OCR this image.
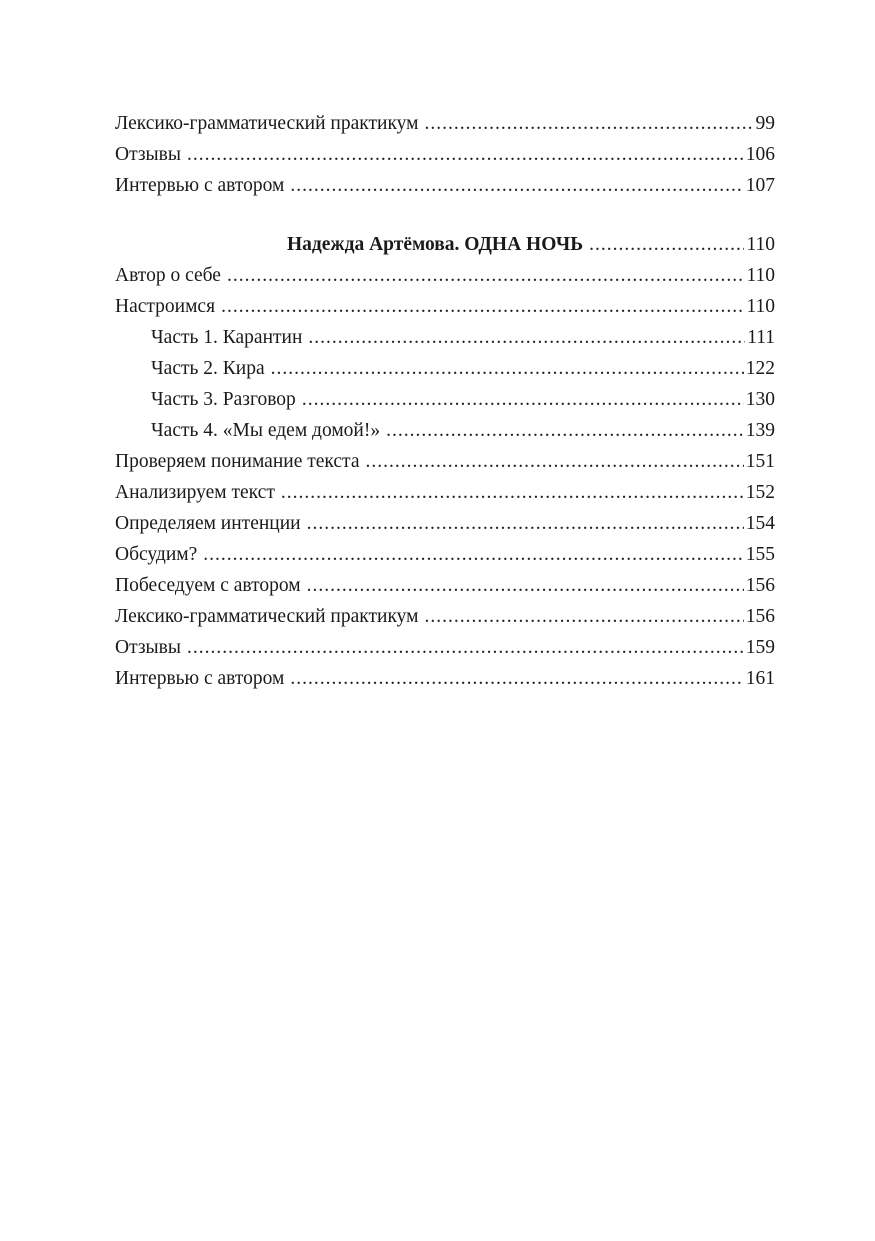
Лексико-грамматический практикум .....	99
Отзывы .....	106
Интервью с автором .....	107
Надежда Артёмова. ОДНА НОЧЬ .....	110
Автор о себе .....	110
Настроимся .....	110
Часть 1. Карантин .....	111
Часть 2. Кира .....	122
Часть 3. Разговор .....	130
Часть 4. «Мы едем домой!» .....	139
Проверяем понимание текста .....	151
Анализируем текст .....	152
Определяем интенции .....	154
Обсудим? .....	155
Побеседуем с автором .....	156
Лексико-грамматический практикум .....	156
Отзывы .....	159
Интервью с автором .....	161
